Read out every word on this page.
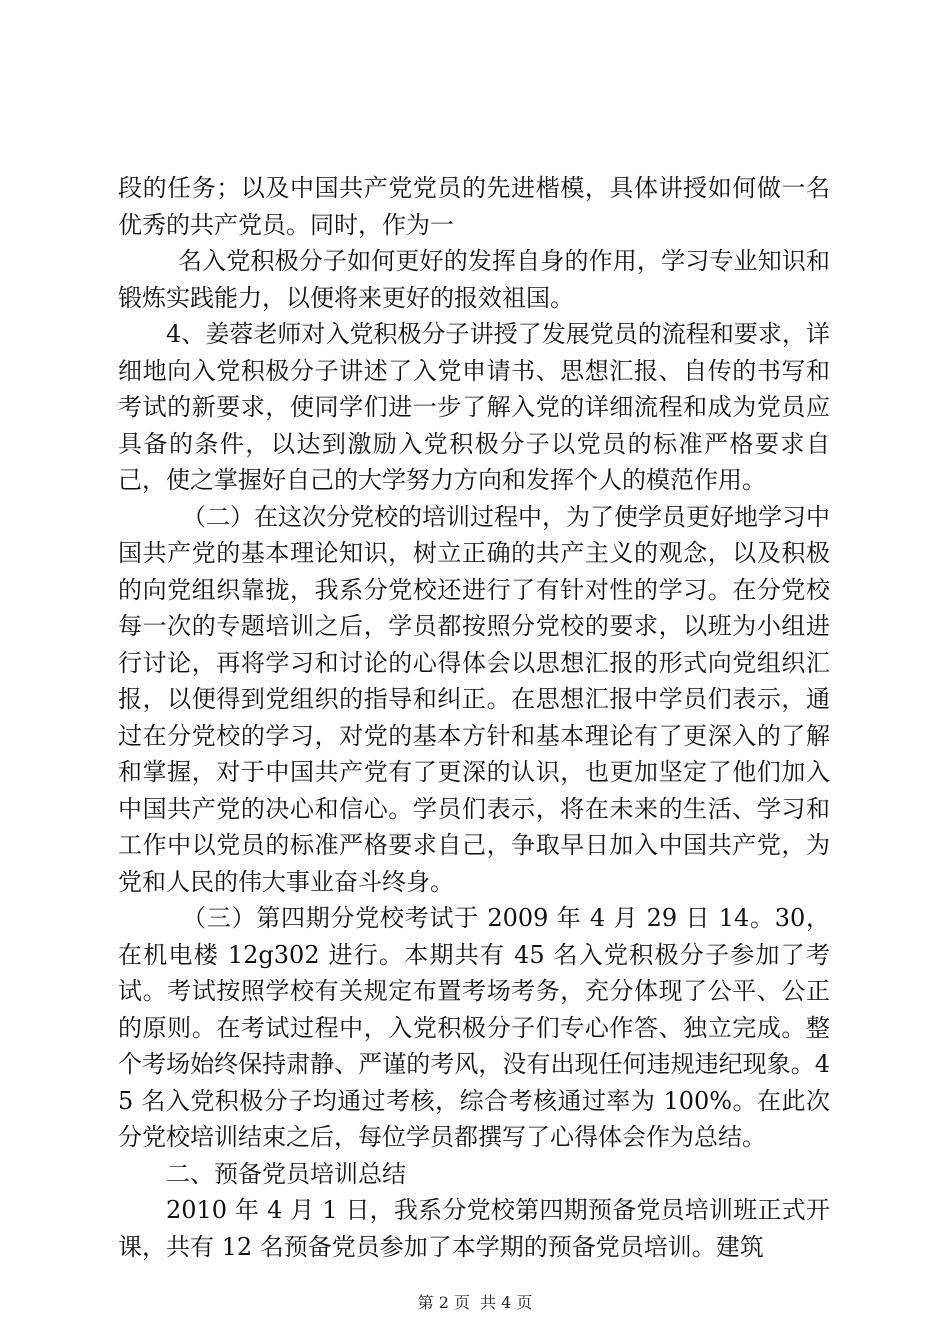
段的任务；以及中国共产党党员的先进楷模，具体讲授如何做一名优秀的共产党员。同时，作为一

名入党积极分子如何更好的发挥自身的作用，学习专业知识和锻炼实践能力，以便将来更好的报效祖国。

4、姜蓉老师对入党积极分子讲授了发展党员的流程和要求，详细地向入党积极分子讲述了入党申请书、思想汇报、自传的书写和考试的新要求，使同学们进一步了解入党的详细流程和成为党员应具备的条件，以达到激励入党积极分子以党员的标准严格要求自己，使之掌握好自己的大学努力方向和发挥个人的模范作用。

（二）在这次分党校的培训过程中，为了使学员更好地学习中国共产党的基本理论知识，树立正确的共产主义的观念，以及积极的向党组织靠拢，我系分党校还进行了有针对性的学习。在分党校每一次的专题培训之后，学员都按照分党校的要求，以班为小组进行讨论，再将学习和讨论的心得体会以思想汇报的形式向党组织汇报，以便得到党组织的指导和纠正。在思想汇报中学员们表示，通过在分党校的学习，对党的基本方针和基本理论有了更深入的了解和掌握，对于中国共产党有了更深的认识，也更加坚定了他们加入中国共产党的决心和信心。学员们表示，将在未来的生活、学习和工作中以党员的标准严格要求自己，争取早日加入中国共产党，为党和人民的伟大事业奋斗终身。

（三）第四期分党校考试于 2009 年 4 月 29 日 14。30，在机电楼 12g302 进行。本期共有 45 名入党积极分子参加了考试。考试按照学校有关规定布置考场考务，充分体现了公平、公正的原则。在考试过程中，入党积极分子们专心作答、独立完成。整个考场始终保持肃静、严谨的考风，没有出现任何违规违纪现象。45 名入党积极分子均通过考核，综合考核通过率为 100%。在此次分党校培训结束之后，每位学员都撰写了心得体会作为总结。

二、预备党员培训总结

2010 年 4 月 1 日，我系分党校第四期预备党员培训班正式开课，共有 12 名预备党员参加了本学期的预备党员培训。建筑

第 2 页 共 4 页
